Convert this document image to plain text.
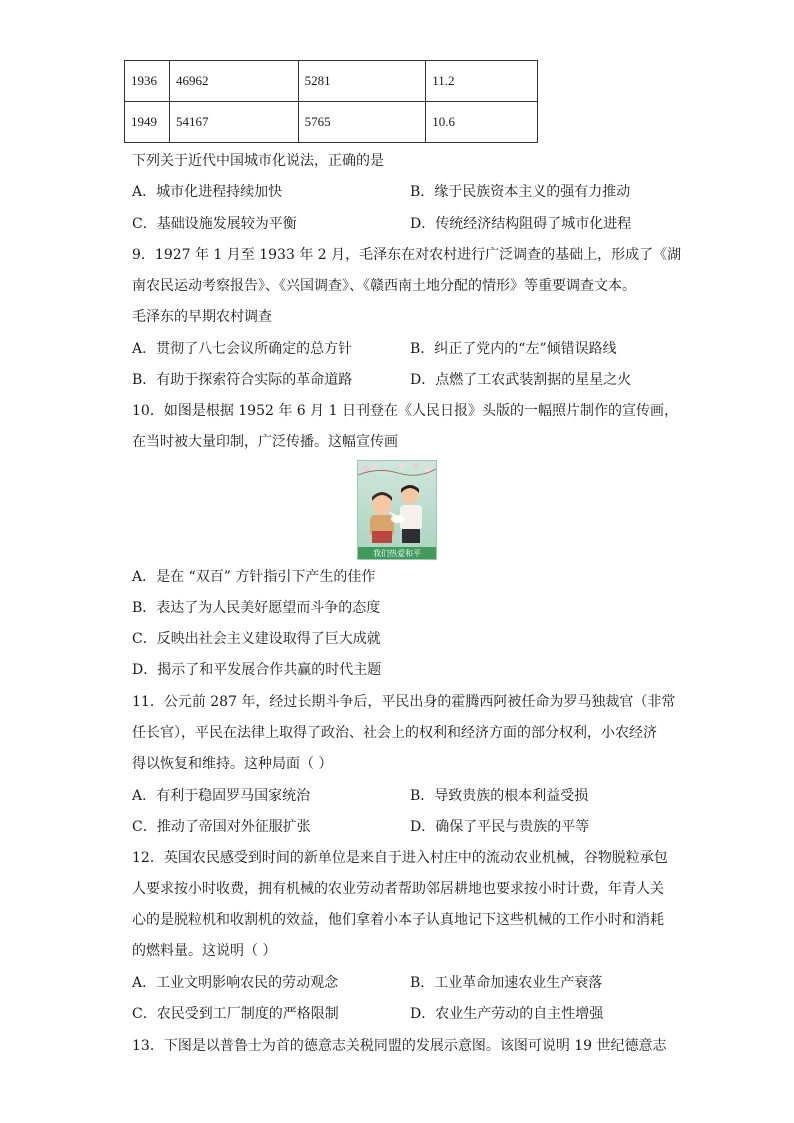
1936	46962	5281	11.2
1949	54167	5765	10.6
下列关于近代中国城市化说法，正确的是
A．城市化进程持续加快	B．缘于民族资本主义的强有力推动
C．基础设施发展较为平衡	D．传统经济结构阻碍了城市化进程
9．1927 年 1 月至 1933 年 2 月，毛泽东在对农村进行广泛调查的基础上，形成了《湖
南农民运动考察报告》、《兴国调查》、《赣西南土地分配的情形》等重要调查文本。
毛泽东的早期农村调查
A．贯彻了八七会议所确定的总方针	B．纠正了党内的“左”倾错误路线
B．有助于探索符合实际的革命道路	D．点燃了工农武装割据的星星之火
10．如图是根据 1952 年 6 月 1 日刊登在《人民日报》头版的一幅照片制作的宣传画，
在当时被大量印制，广泛传播。这幅宣传画
我们热爱和平
A．是在 “双百” 方针指引下产生的佳作
B．表达了为人民美好愿望而斗争的态度
C．反映出社会主义建设取得了巨大成就
D．揭示了和平发展合作共赢的时代主题
11．公元前 287 年，经过长期斗争后，平民出身的霍腾西阿被任命为罗马独裁官（非常
任长官），平民在法律上取得了政治、社会上的权利和经济方面的部分权利，小农经济
得以恢复和维持。这种局面（ ）
A．有利于稳固罗马国家统治	B．导致贵族的根本利益受损
C．推动了帝国对外征服扩张	D．确保了平民与贵族的平等
12．英国农民感受到时间的新单位是来自于进入村庄中的流动农业机械，谷物脱粒承包
人要求按小时收费，拥有机械的农业劳动者帮助邻居耕地也要求按小时计费，年青人关
心的是脱粒机和收割机的效益，他们拿着小本子认真地记下这些机械的工作小时和消耗
的燃料量。这说明（ ）
A．工业文明影响农民的劳动观念	B．工业革命加速农业生产衰落
C．农民受到工厂制度的严格限制	D．农业生产劳动的自主性增强
13．下图是以普鲁士为首的德意志关税同盟的发展示意图。该图可说明 19 世纪德意志
